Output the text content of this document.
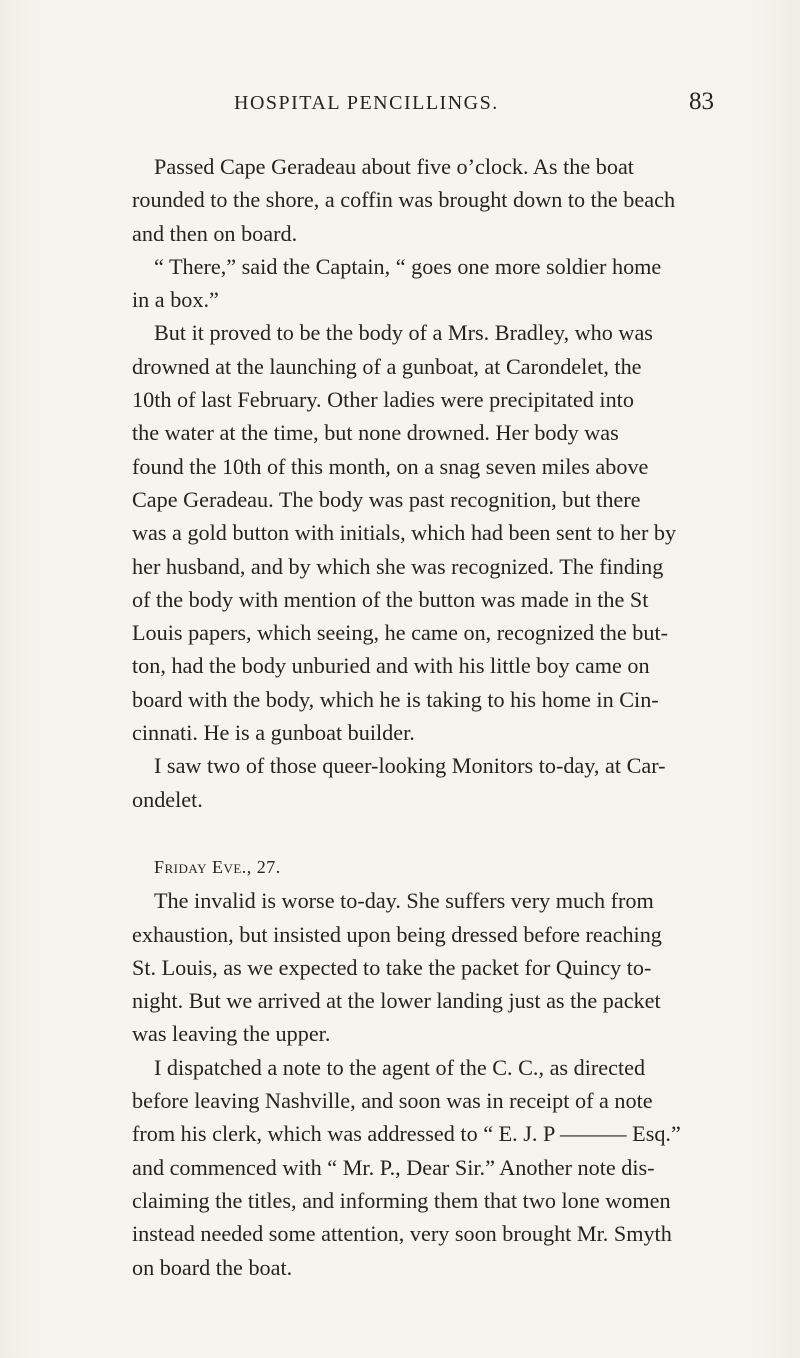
HOSPITAL PENCILLINGS.	83

Passed Cape Geradeau about five o’clock. As the boat
rounded to the shore, a coffin was brought down to the beach
and then on board.

“ There,” said the Captain, “ goes one more soldier home
in a box.”

But it proved to be the body of a Mrs. Bradley, who was
drowned at the launching of a gunboat, at Carondelet, the
10th of last February. Other ladies were precipitated into
the water at the time, but none drowned. Her body was
found the 10th of this month, on a snag seven miles above
Cape Geradeau. The body was past recognition, but there
was a gold button with initials, which had been sent to her by
her husband, and by which she was recognized. The finding
of the body with mention of the button was made in the St
Louis papers, which seeing, he came on, recognized the but-
ton, had the body unburied and with his little boy came on
board with the body, which he is taking to his home in Cin-
cinnati. He is a gunboat builder.

I saw two of those queer-looking Monitors to-day, at Car-
ondelet.

Friday Eve., 27.

The invalid is worse to-day. She suffers very much from
exhaustion, but insisted upon being dressed before reaching
St. Louis, as we expected to take the packet for Quincy to-
night. But we arrived at the lower landing just as the packet
was leaving the upper.

I dispatched a note to the agent of the C. C., as directed
before leaving Nashville, and soon was in receipt of a note
from his clerk, which was addressed to “ E. J. P ——— Esq.”
and commenced with “ Mr. P., Dear Sir.” Another note dis-
claiming the titles, and informing them that two lone women
instead needed some attention, very soon brought Mr. Smyth
on board the boat.
